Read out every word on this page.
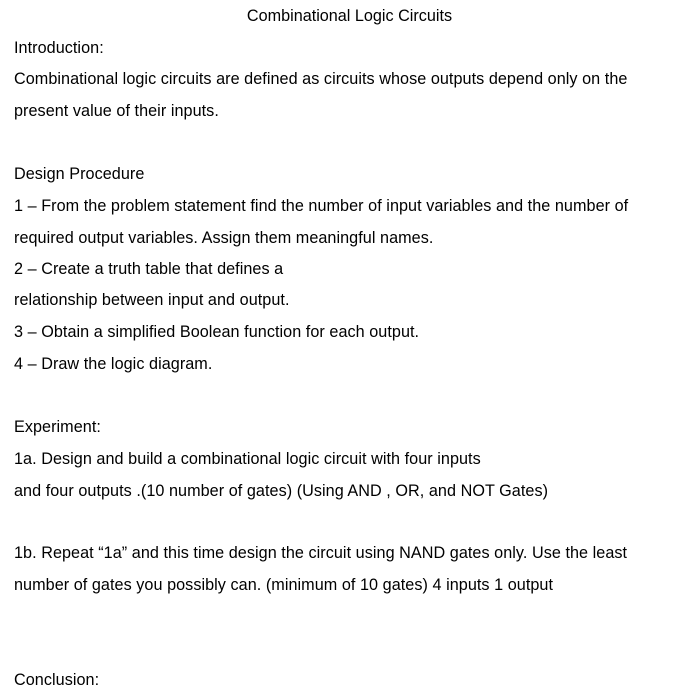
Combinational Logic Circuits
Introduction:
Combinational logic circuits are defined as circuits whose outputs depend only on the
present value of their inputs.
Design Procedure
1 – From the problem statement find the number of input variables and the number of
required output variables. Assign them meaningful names.
2 – Create a truth table that defines a
relationship between input and output.
3 – Obtain a simplified Boolean function for each output.
4 – Draw the logic diagram.
Experiment:
1a. Design and build a combinational logic circuit with four inputs
and four outputs .(10 number of gates) (Using AND , OR, and NOT Gates)
1b. Repeat “1a” and this time design the circuit using NAND gates only. Use the least
number of gates you possibly can. (minimum of 10 gates) 4 inputs 1 output
Conclusion:
